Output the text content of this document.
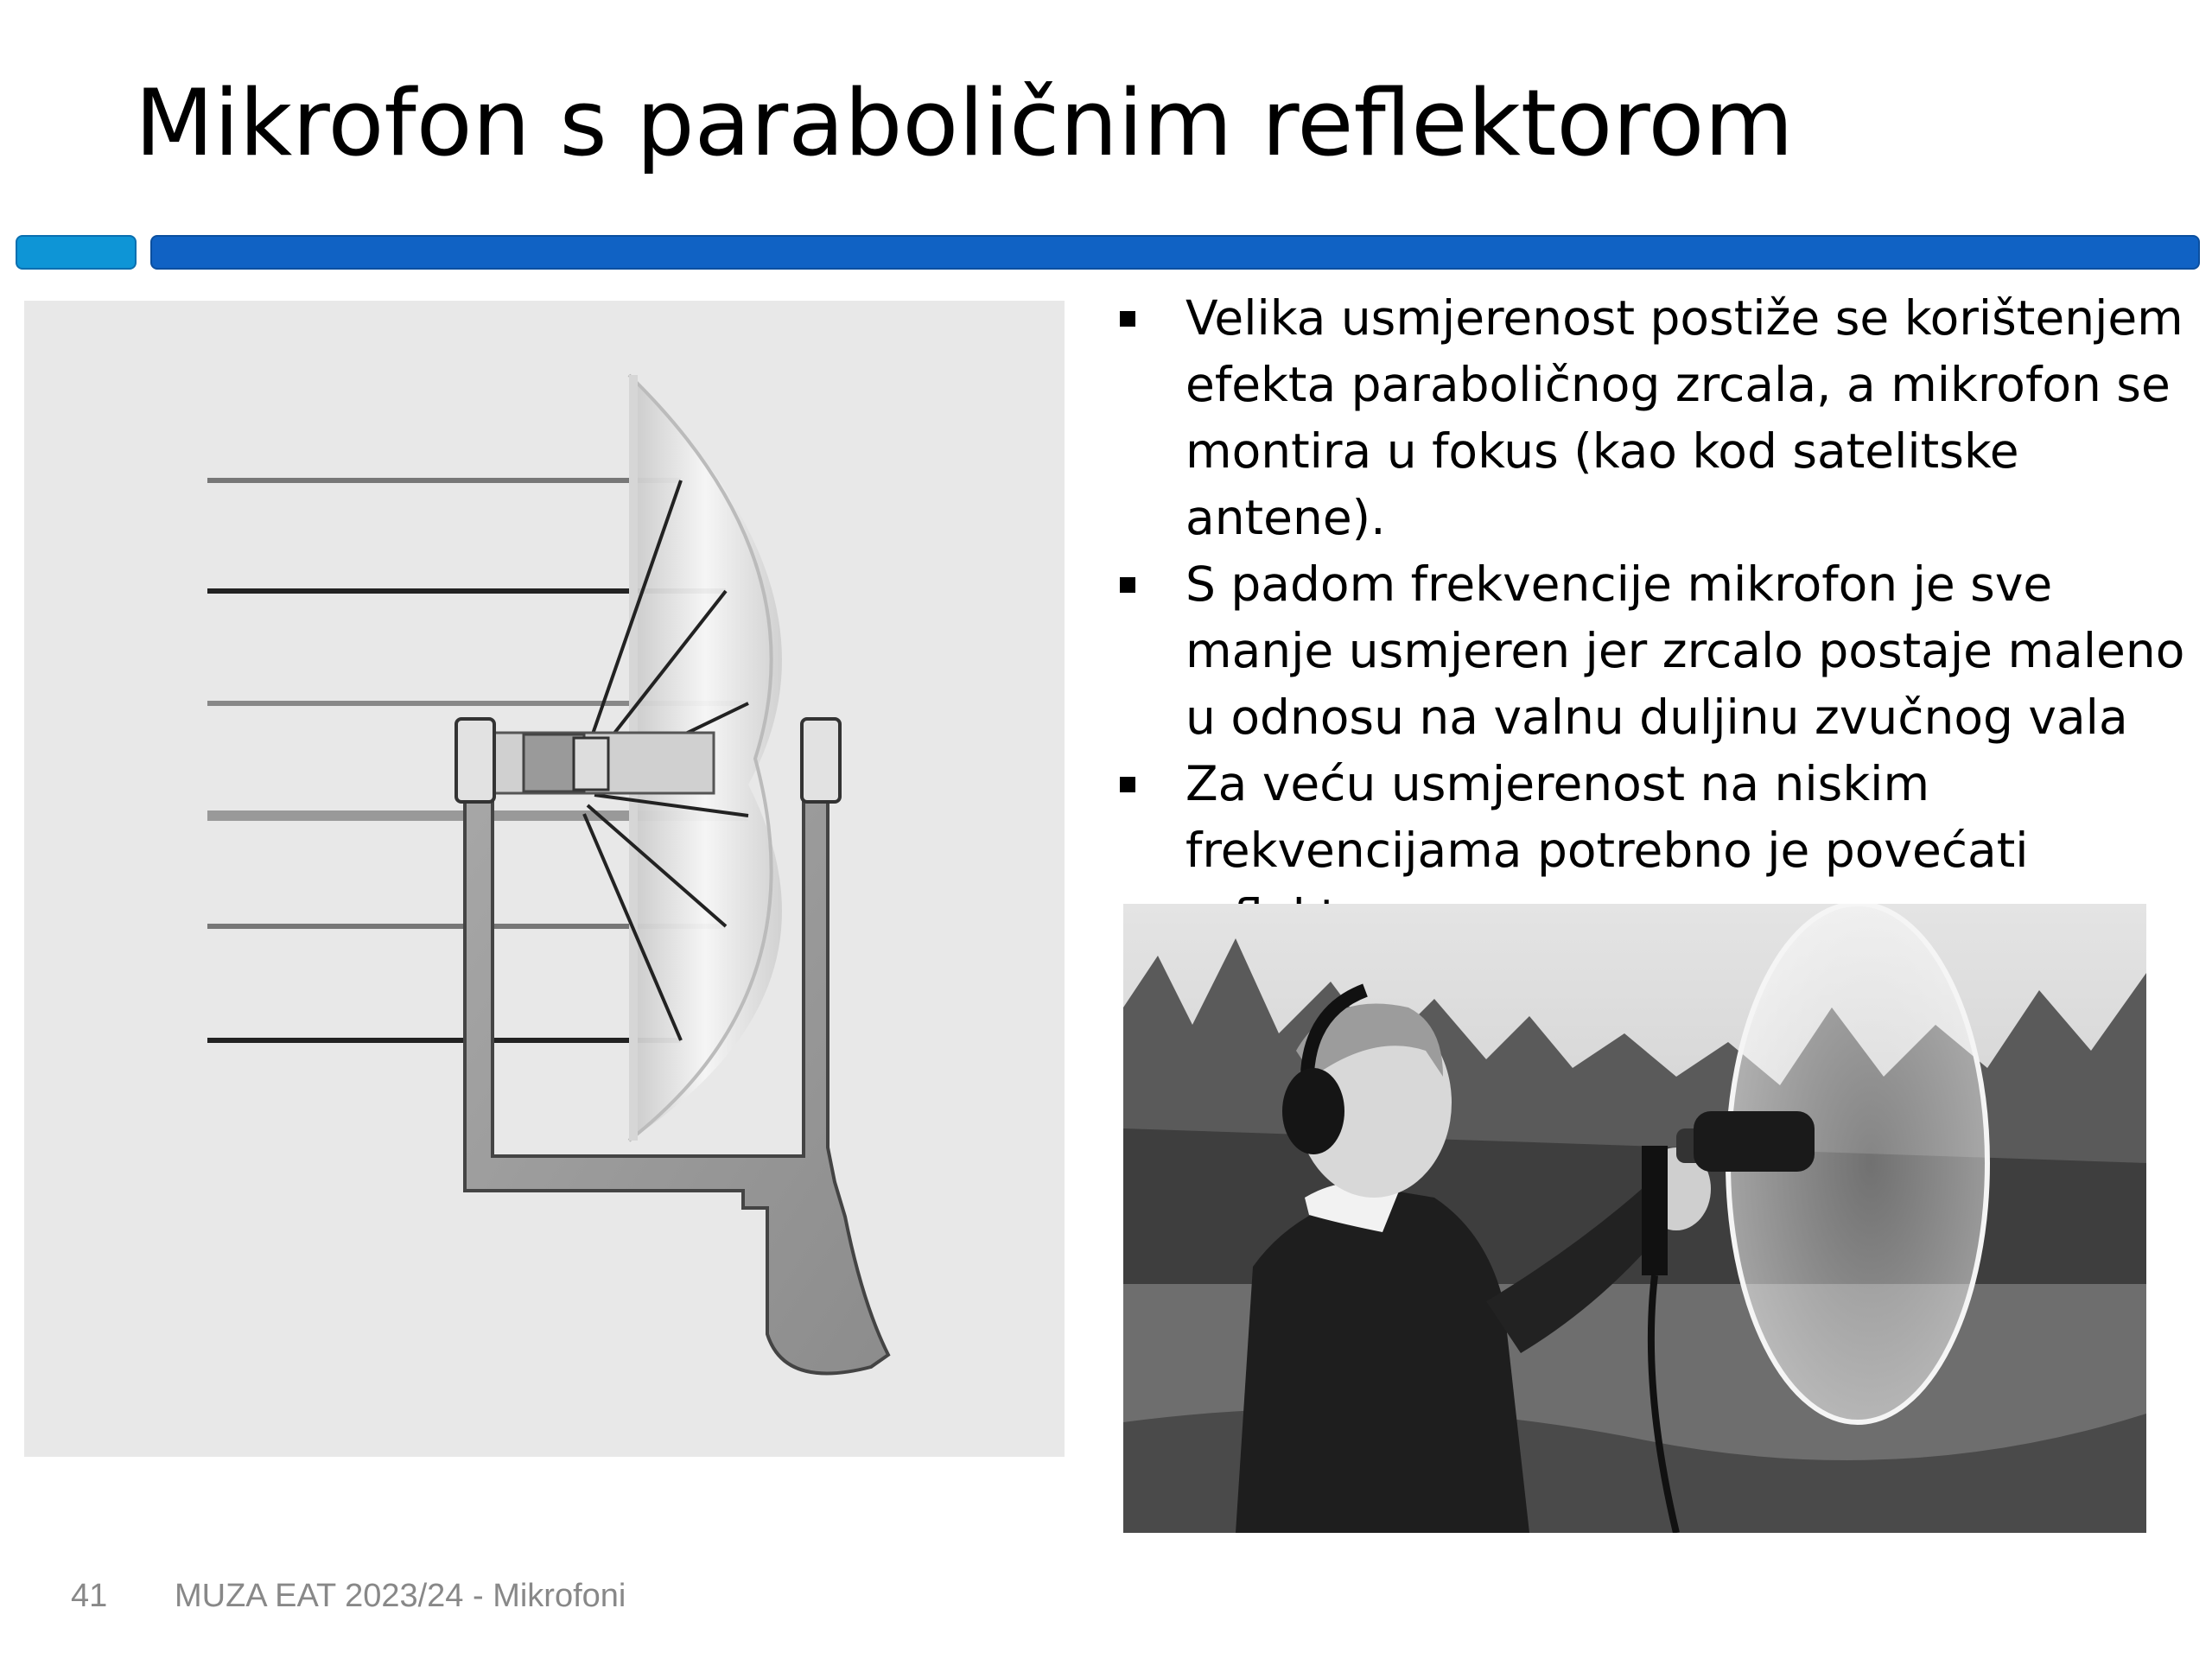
Mikrofon s paraboličnim reflektorom
Velika usmjerenost postiže se korištenjem efekta paraboličnog zrcala, a mikrofon se montira u fokus (kao kod satelitske antene).
S padom frekvencije mikrofon je sve manje usmjeren jer zrcalo postaje maleno u odnosu na valnu duljinu zvučnog vala
Za veću usmjerenost na niskim frekvencijama potrebno je povećati
41 MUZA EAT 2023/24 - Mikrofoni
